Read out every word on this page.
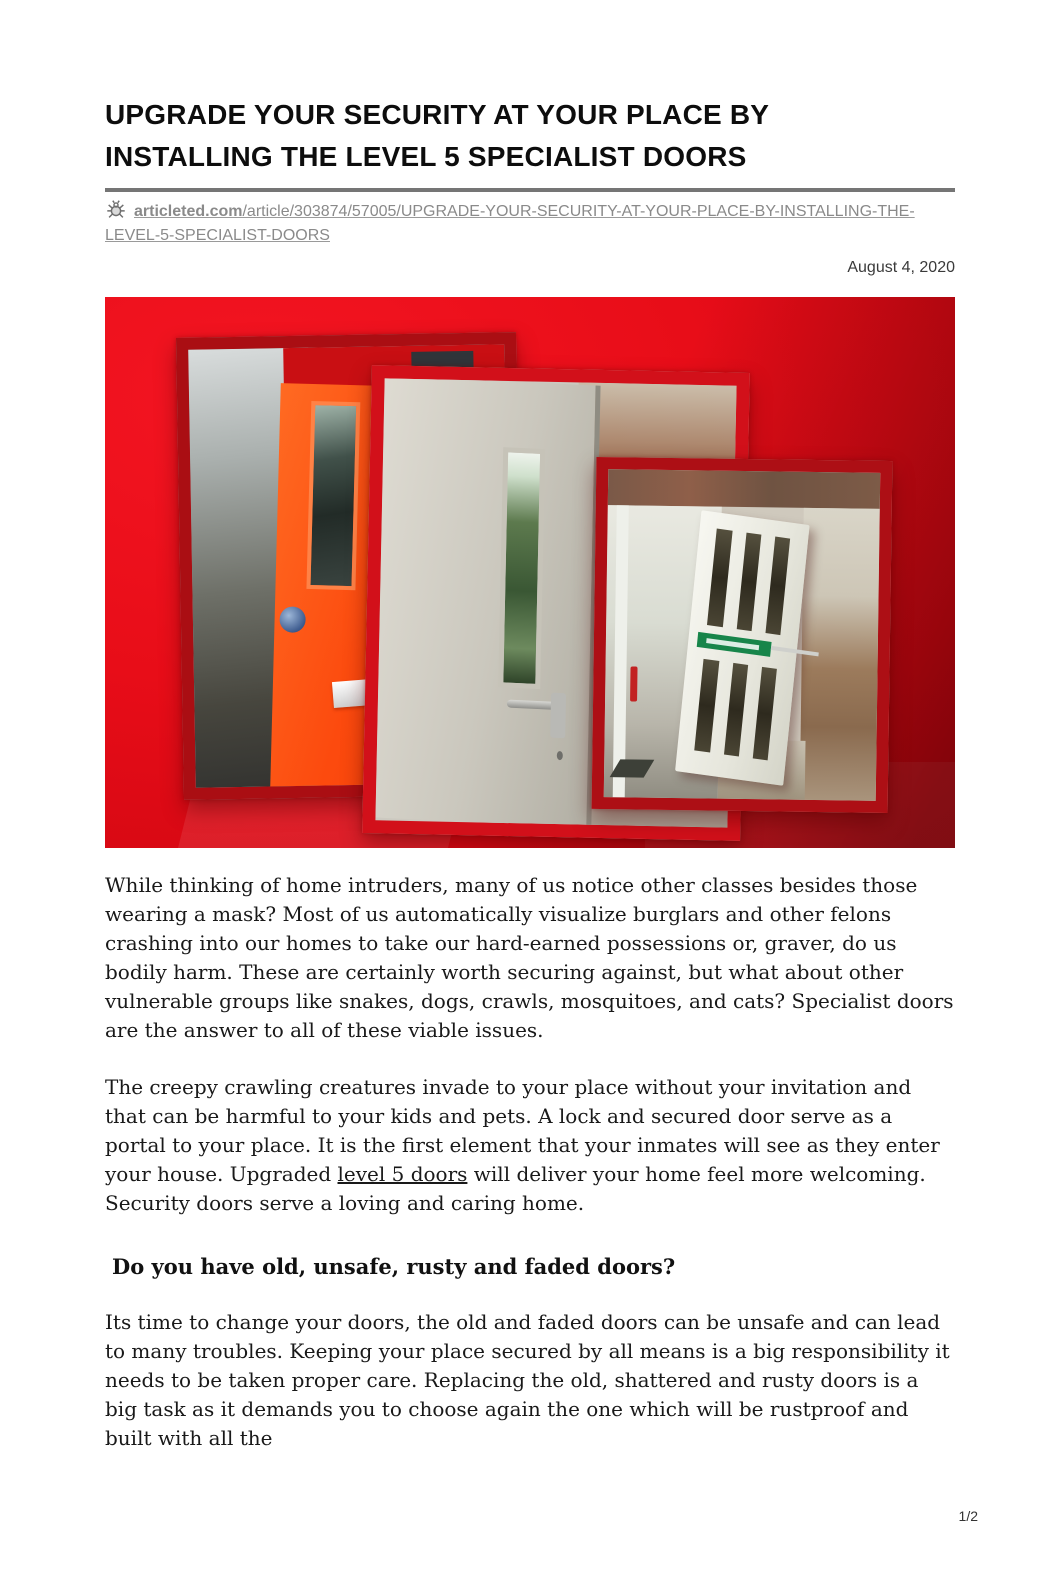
UPGRADE YOUR SECURITY AT YOUR PLACE BY
INSTALLING THE LEVEL 5 SPECIALIST DOORS
articleted.com/article/303874/57005/UPGRADE-YOUR-SECURITY-AT-YOUR-PLACE-BY-INSTALLING-THE-
LEVEL-5-SPECIALIST-DOORS
August 4, 2020

While thinking of home intruders, many of us notice other classes besides those wearing a mask? Most of us automatically visualize burglars and other felons crashing into our homes to take our hard-earned possessions or, graver, do us bodily harm. These are certainly worth securing against, but what about other vulnerable groups like snakes, dogs, crawls, mosquitoes, and cats? Specialist doors are the answer to all of these viable issues.

The creepy crawling creatures invade to your place without your invitation and that can be harmful to your kids and pets. A lock and secured door serve as a portal to your place. It is the first element that your inmates will see as they enter your house. Upgraded level 5 doors will deliver your home feel more welcoming. Security doors serve a loving and caring home.

Do you have old, unsafe, rusty and faded doors?

Its time to change your doors, the old and faded doors can be unsafe and can lead to many troubles. Keeping your place secured by all means is a big responsibility it needs to be taken proper care. Replacing the old, shattered and rusty doors is a big task as it demands you to choose again the one which will be rustproof and built with all the

1/2
